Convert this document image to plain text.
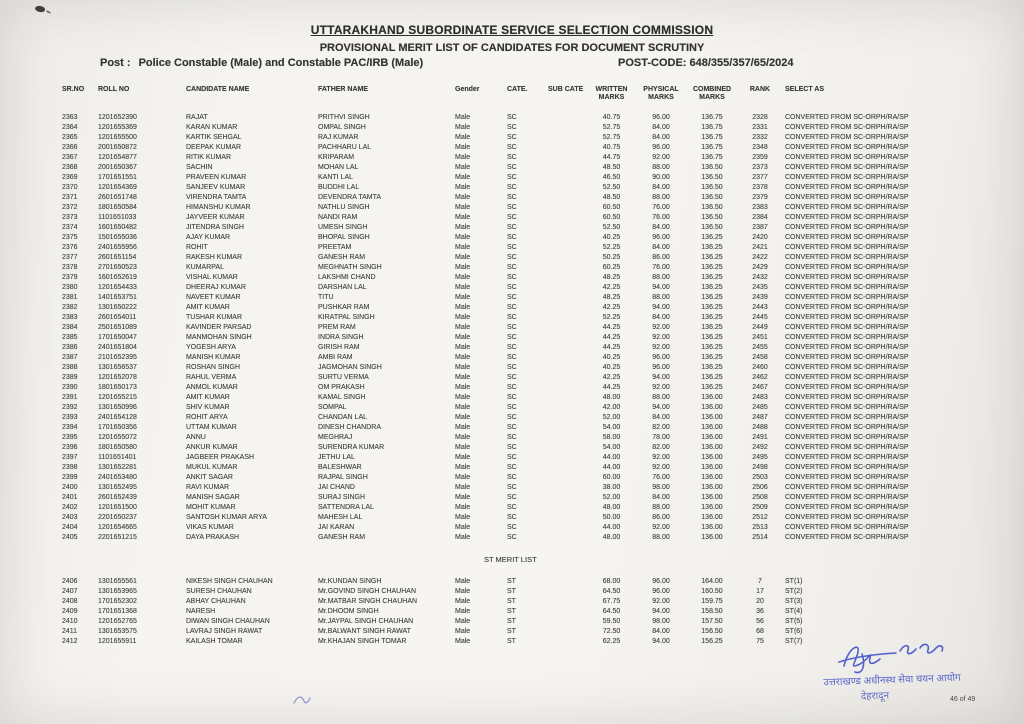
UTTARAKHAND SUBORDINATE SERVICE SELECTION COMMISSION
PROVISIONAL MERIT LIST OF CANDIDATES FOR DOCUMENT SCRUTINY
Post : Police Constable (Male) and Constable PAC/IRB (Male)	POST-CODE: 648/355/357/65/2024
SR.NO	ROLL NO	CANDIDATE NAME	FATHER NAME	Gender	CATE.	SUB CATE	WRITTEN MARKS	PHYSICAL MARKS	COMBINED MARKS	RANK	SELECT AS
2363	1201652390	RAJAT	PRITHVI SINGH	Male	SC		40.75	96.00	136.75	2328	CONVERTED FROM SC-ORPH/RA/SP
2364	1201655369	KARAN KUMAR	OMPAL SINGH	Male	SC		52.75	84.00	136.75	2331	CONVERTED FROM SC-ORPH/RA/SP
2365	1201655500	KARTIK SEHGAL	RAJ KUMAR	Male	SC		52.75	84.00	136.75	2332	CONVERTED FROM SC-ORPH/RA/SP
2366	2001650872	DEEPAK KUMAR	PACHHARU LAL	Male	SC		40.75	96.00	136.75	2348	CONVERTED FROM SC-ORPH/RA/SP
2367	1201654877	RITIK KUMAR	KRIPARAM	Male	SC		44.75	92.00	136.75	2359	CONVERTED FROM SC-ORPH/RA/SP
2368	2001650367	SACHIN	MOHAN LAL	Male	SC		48.50	88.00	136.50	2373	CONVERTED FROM SC-ORPH/RA/SP
2369	1701651551	PRAVEEN KUMAR	KANTI LAL	Male	SC		46.50	90.00	136.50	2377	CONVERTED FROM SC-ORPH/RA/SP
2370	1201654369	SANJEEV KUMAR	BUDDHI LAL	Male	SC		52.50	84.00	136.50	2378	CONVERTED FROM SC-ORPH/RA/SP
2371	2601651748	VIRENDRA TAMTA	DEVENDRA TAMTA	Male	SC		48.50	88.00	136.50	2379	CONVERTED FROM SC-ORPH/RA/SP
2372	1801650584	HIMANSHU KUMAR	NATHLU SINGH	Male	SC		60.50	76.00	136.50	2383	CONVERTED FROM SC-ORPH/RA/SP
2373	1101651033	JAYVEER KUMAR	NANDI RAM	Male	SC		60.50	76.00	136.50	2384	CONVERTED FROM SC-ORPH/RA/SP
2374	1601650482	JITENDRA SINGH	UMESH SINGH	Male	SC		52.50	84.00	136.50	2387	CONVERTED FROM SC-ORPH/RA/SP
2375	1501655036	AJAY KUMAR	BHOPAL SINGH	Male	SC		40.25	96.00	136.25	2420	CONVERTED FROM SC-ORPH/RA/SP
2376	2401655956	ROHIT	PREETAM	Male	SC		52.25	84.00	136.25	2421	CONVERTED FROM SC-ORPH/RA/SP
2377	2601651154	RAKESH KUMAR	GANESH RAM	Male	SC		50.25	86.00	136.25	2422	CONVERTED FROM SC-ORPH/RA/SP
2378	2701650523	KUMARPAL	MEGHNATH SINGH	Male	SC		60.25	76.00	136.25	2429	CONVERTED FROM SC-ORPH/RA/SP
2379	1601652619	VISHAL KUMAR	LAKSHMI CHAND	Male	SC		48.25	88.00	136.25	2432	CONVERTED FROM SC-ORPH/RA/SP
2380	1201654433	DHEERAJ KUMAR	DARSHAN LAL	Male	SC		42.25	94.00	136.25	2435	CONVERTED FROM SC-ORPH/RA/SP
2381	1401653751	NAVEET KUMAR	TITU	Male	SC		48.25	88.00	136.25	2439	CONVERTED FROM SC-ORPH/RA/SP
2382	1301650222	AMIT KUMAR	PUSHKAR RAM	Male	SC		42.25	94.00	136.25	2443	CONVERTED FROM SC-ORPH/RA/SP
2383	2601654011	TUSHAR KUMAR	KIRATPAL SINGH	Male	SC		52.25	84.00	136.25	2445	CONVERTED FROM SC-ORPH/RA/SP
2384	2501651089	KAVINDER PARSAD	PREM RAM	Male	SC		44.25	92.00	136.25	2449	CONVERTED FROM SC-ORPH/RA/SP
2385	1701650047	MANMOHAN SINGH	INDRA SINGH	Male	SC		44.25	92.00	136.25	2451	CONVERTED FROM SC-ORPH/RA/SP
2386	2401651804	YOGESH ARYA	GIRISH RAM	Male	SC		44.25	92.00	136.25	2455	CONVERTED FROM SC-ORPH/RA/SP
2387	2101652395	MANISH KUMAR	AMBI RAM	Male	SC		40.25	96.00	136.25	2458	CONVERTED FROM SC-ORPH/RA/SP
2388	1301656537	ROSHAN SINGH	JAGMOHAN SINGH	Male	SC		40.25	96.00	136.25	2460	CONVERTED FROM SC-ORPH/RA/SP
2389	1201652078	RAHUL VERMA	SURTU VERMA	Male	SC		42.25	94.00	136.25	2462	CONVERTED FROM SC-ORPH/RA/SP
2390	1801650173	ANMOL KUMAR	OM PRAKASH	Male	SC		44.25	92.00	136.25	2467	CONVERTED FROM SC-ORPH/RA/SP
2391	1201655215	AMIT KUMAR	KAMAL SINGH	Male	SC		48.00	88.00	136.00	2483	CONVERTED FROM SC-ORPH/RA/SP
2392	1301650996	SHIV KUMAR	SOMPAL	Male	SC		42.00	94.00	136.00	2485	CONVERTED FROM SC-ORPH/RA/SP
2393	2401654128	ROHIT ARYA	CHANDAN LAL	Male	SC		52.00	84.00	136.00	2487	CONVERTED FROM SC-ORPH/RA/SP
2394	1701650356	UTTAM KUMAR	DINESH CHANDRA	Male	SC		54.00	82.00	136.00	2488	CONVERTED FROM SC-ORPH/RA/SP
2395	1201655072	ANNU	MEGHRAJ	Male	SC		58.00	78.00	136.00	2491	CONVERTED FROM SC-ORPH/RA/SP
2396	1801650580	ANKUR KUMAR	SURENDRA KUMAR	Male	SC		54.00	82.00	136.00	2492	CONVERTED FROM SC-ORPH/RA/SP
2397	1101651401	JAGBEER PRAKASH	JETHU LAL	Male	SC		44.00	92.00	136.00	2495	CONVERTED FROM SC-ORPH/RA/SP
2398	1301652281	MUKUL KUMAR	BALESHWAR	Male	SC		44.00	92.00	136.00	2498	CONVERTED FROM SC-ORPH/RA/SP
2399	2401653480	ANKIT SAGAR	RAJPAL SINGH	Male	SC		60.00	76.00	136.00	2503	CONVERTED FROM SC-ORPH/RA/SP
2400	1301652495	RAVI KUMAR	JAI CHAND	Male	SC		38.00	98.00	136.00	2506	CONVERTED FROM SC-ORPH/RA/SP
2401	2601652439	MANISH SAGAR	SURAJ SINGH	Male	SC		52.00	84.00	136.00	2508	CONVERTED FROM SC-ORPH/RA/SP
2402	1201651500	MOHIT KUMAR	SATTENDRA LAL	Male	SC		48.00	88.00	136.00	2509	CONVERTED FROM SC-ORPH/RA/SP
2403	2201650237	SANTOSH KUMAR ARYA	MAHESH LAL	Male	SC		50.00	86.00	136.00	2512	CONVERTED FROM SC-ORPH/RA/SP
2404	1201654665	VIKAS KUMAR	JAI KARAN	Male	SC		44.00	92.00	136.00	2513	CONVERTED FROM SC-ORPH/RA/SP
2405	2201651215	DAYA PRAKASH	GANESH RAM	Male	SC		48.00	88.00	136.00	2514	CONVERTED FROM SC-ORPH/RA/SP
ST MERIT LIST											
2406	1301655561	NIKESH SINGH CHAUHAN	Mr.KUNDAN SINGH	Male	ST		68.00	96.00	164.00	7	ST(1)
2407	1301653965	SURESH CHAUHAN	Mr.GOVIND SINGH CHAUHAN	Male	ST		64.50	96.00	160.50	17	ST(2)
2408	1701652302	ABHAY CHAUHAN	Mr.MATBAR SINGH CHAUHAN	Male	ST		67.75	92.00	159.75	20	ST(3)
2409	1701651368	NARESH	Mr.DHOOM SINGH	Male	ST		64.50	94.00	158.50	36	ST(4)
2410	1201652765	DIWAN SINGH CHAUHAN	Mr.JAYPAL SINGH CHAUHAN	Male	ST		59.50	98.00	157.50	56	ST(5)
2411	1301653575	LAVRAJ SINGH RAWAT	Mr.BALWANT SINGH RAWAT	Male	ST		72.50	84.00	156.50	68	ST(6)
2412	1201655911	KAILASH TOMAR	Mr.KHAJAN SINGH TOMAR	Male	ST		62.25	94.00	156.25	75	ST(7)
उत्तराखण्ड अधीनस्थ सेवा चयन आयोग
देहरादून	46 of 49
